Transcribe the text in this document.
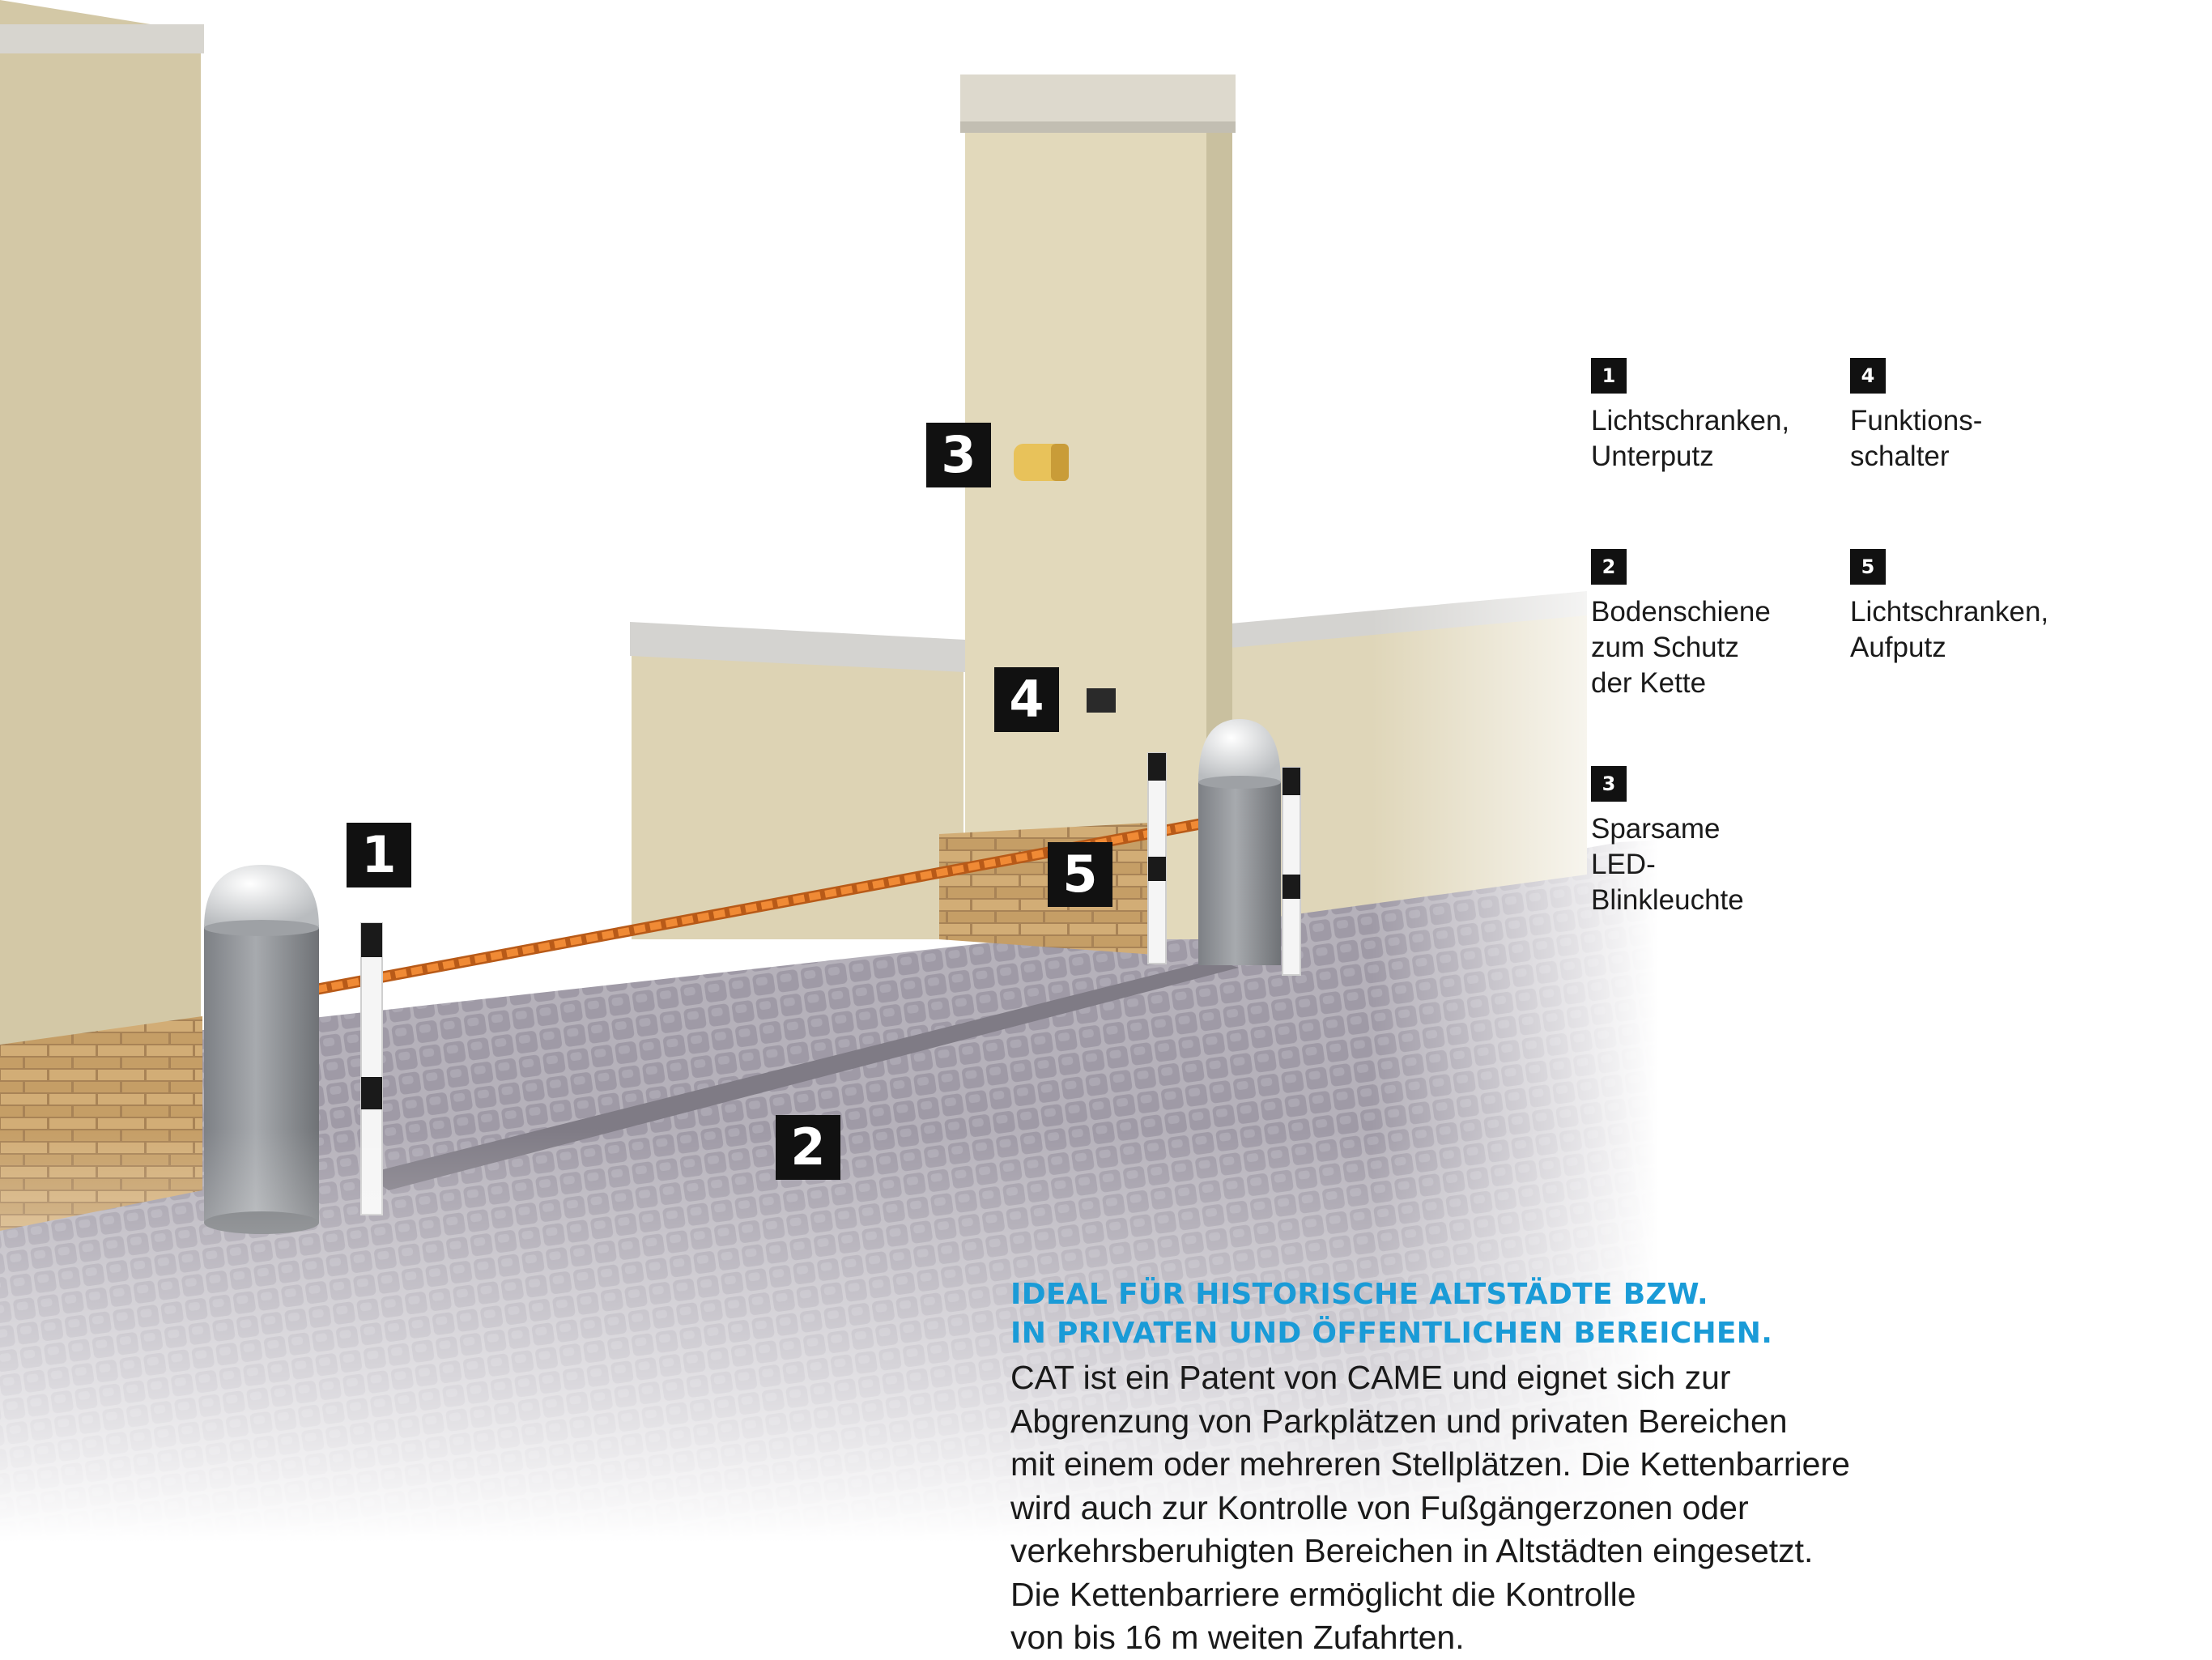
1
2
3
4
5
1
Lichtschranken,
Unterputz
4
Funktions-
schalter
2
Bodenschiene
zum Schutz
der Kette
5
Lichtschranken,
Aufputz
3
Sparsame
LED-
Blinkleuchte
IDEAL FÜR HISTORISCHE ALTSTÄDTE BZW.
IN PRIVATEN UND ÖFFENTLICHEN BEREICHEN.
CAT ist ein Patent von CAME und eignet sich zur
Abgrenzung von Parkplätzen und privaten Bereichen
mit einem oder mehreren Stellplätzen. Die Kettenbarriere
wird auch zur Kontrolle von Fußgängerzonen oder
verkehrsberuhigten Bereichen in Altstädten eingesetzt.
Die Kettenbarriere ermöglicht die Kontrolle
von bis 16 m weiten Zufahrten.
